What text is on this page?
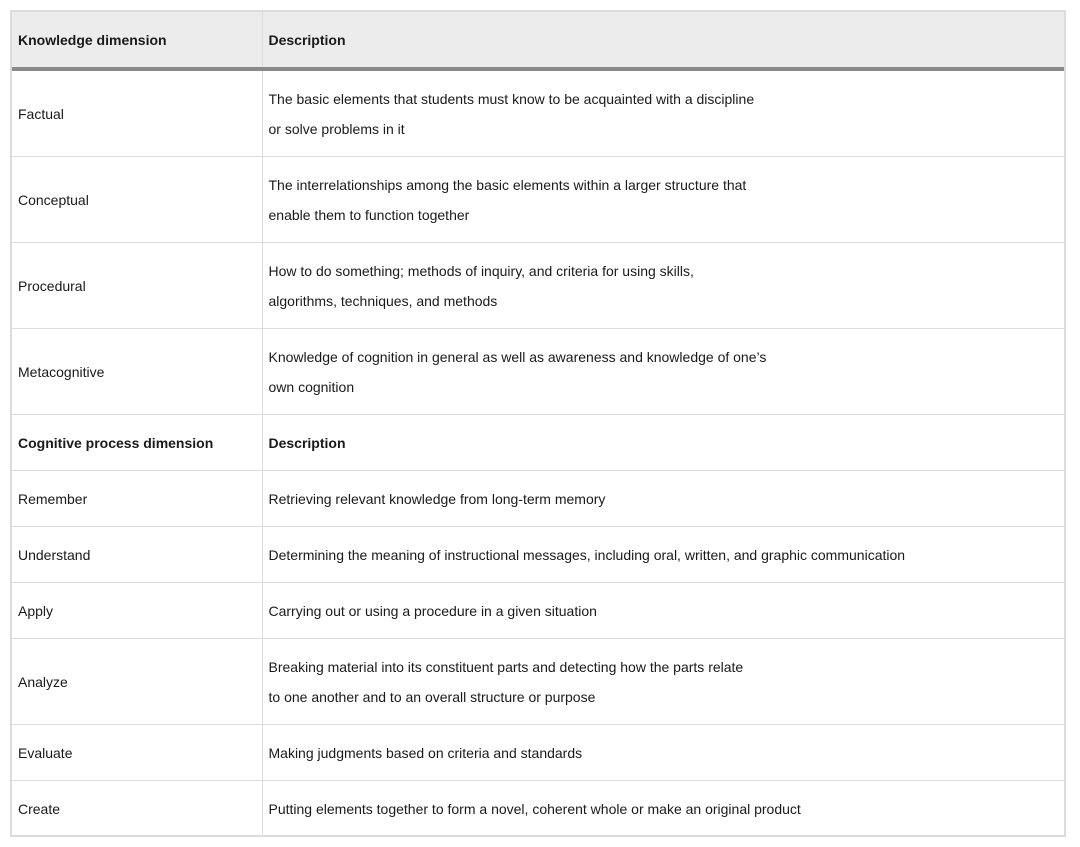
Knowledge dimension	Description
Factual	The basic elements that students must know to be acquainted with a discipline
or solve problems in it

Conceptual	The interrelationships among the basic elements within a larger structure that
enable them to function together

Procedural	How to do something; methods of inquiry, and criteria for using skills,
algorithms, techniques, and methods

Metacognitive	Knowledge of cognition in general as well as awareness and knowledge of one’s
own cognition

Cognitive process dimension	Description
Remember	Retrieving relevant knowledge from long-term memory

Understand	Determining the meaning of instructional messages, including oral, written, and graphic communication

Apply	Carrying out or using a procedure in a given situation

Analyze	Breaking material into its constituent parts and detecting how the parts relate
to one another and to an overall structure or purpose

Evaluate	Making judgments based on criteria and standards

Create	Putting elements together to form a novel, coherent whole or make an original product
